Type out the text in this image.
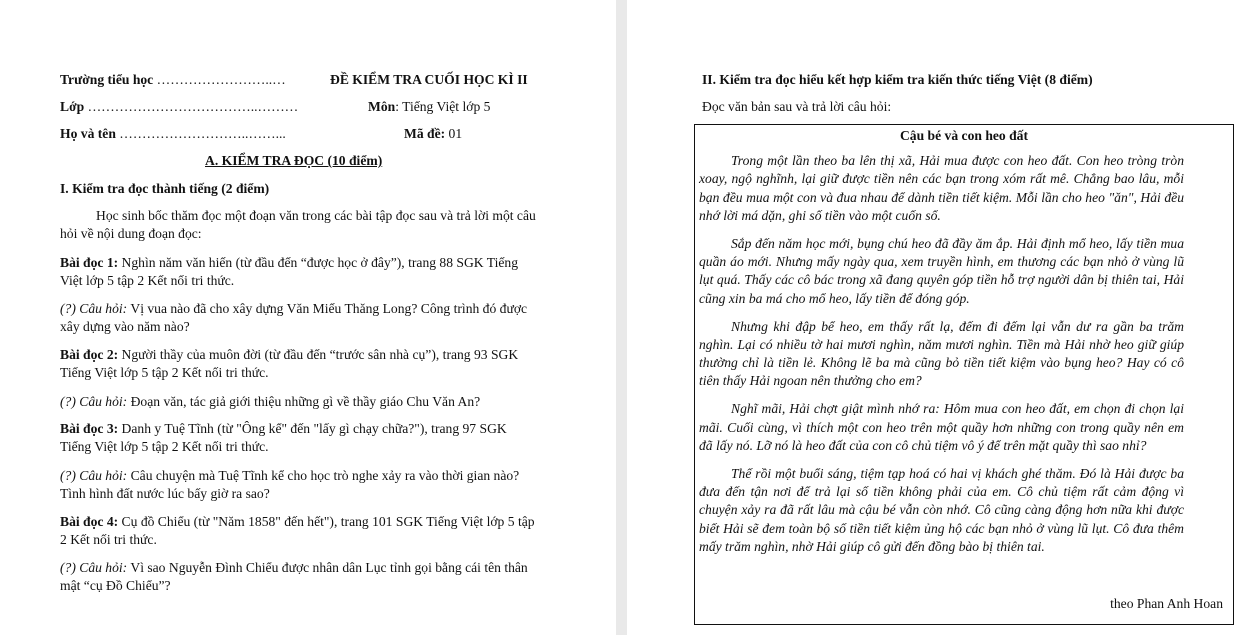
Trường tiểu học ……………………..…	ĐỀ KIỂM TRA CUỐI HỌC KÌ II
Lớp ………………………………..………	Môn: Tiếng Việt lớp 5
Họ và tên ………………………..……...	Mã đề: 01
A. KIỂM TRA ĐỌC (10 điểm)
I. Kiểm tra đọc thành tiếng (2 điểm)
Học sinh bốc thăm đọc một đoạn văn trong các bài tập đọc sau và trả lời một câu hỏi về nội dung đoạn đọc:
Bài đọc 1: Nghìn năm văn hiến (từ đầu đến “được học ở đây”), trang 88 SGK Tiếng Việt lớp 5 tập 2 Kết nối tri thức.
(?) Câu hỏi: Vị vua nào đã cho xây dựng Văn Miếu Thăng Long? Công trình đó được xây dựng vào năm nào?
Bài đọc 2: Người thầy của muôn đời (từ đầu đến “trước sân nhà cụ”), trang 93 SGK Tiếng Việt lớp 5 tập 2 Kết nối tri thức.
(?) Câu hỏi: Đoạn văn, tác giả giới thiệu những gì về thầy giáo Chu Văn An?
Bài đọc 3: Danh y Tuệ Tĩnh (từ "Ông kể" đến "lấy gì chạy chữa?"), trang 97 SGK Tiếng Việt lớp 5 tập 2 Kết nối tri thức.
(?) Câu hỏi: Câu chuyện mà Tuệ Tĩnh kể cho học trò nghe xảy ra vào thời gian nào? Tình hình đất nước lúc bấy giờ ra sao?
Bài đọc 4: Cụ đồ Chiểu (từ "Năm 1858" đến hết"), trang 101 SGK Tiếng Việt lớp 5 tập 2 Kết nối tri thức.
(?) Câu hỏi: Vì sao Nguyễn Đình Chiểu được nhân dân Lục tỉnh gọi bằng cái tên thân mật “cụ Đồ Chiểu”?
II. Kiểm tra đọc hiểu kết hợp kiểm tra kiến thức tiếng Việt (8 điểm)
Đọc văn bản sau và trả lời câu hỏi:
Cậu bé và con heo đất

Trong một lần theo ba lên thị xã, Hải mua được con heo đất. Con heo tròng tròn xoay, ngộ nghĩnh, lại giữ được tiền nên các bạn trong xóm rất mê. Chẳng bao lâu, mỗi bạn đều mua một con và đua nhau để dành tiền tiết kiệm. Mỗi lần cho heo "ăn", Hải đều nhớ lời má dặn, ghi số tiền vào một cuốn sổ.

Sắp đến năm học mới, bụng chú heo đã đầy ăm ắp. Hải định mổ heo, lấy tiền mua quần áo mới. Nhưng mấy ngày qua, xem truyền hình, em thương các bạn nhỏ ở vùng lũ lụt quá. Thấy các cô bác trong xã đang quyên góp tiền hỗ trợ người dân bị thiên tai, Hải cũng xin ba má cho mổ heo, lấy tiền để đóng góp.

Nhưng khi đập bể heo, em thấy rất lạ, đếm đi đếm lại vẫn dư ra gần ba trăm nghìn. Lại có nhiều tờ hai mươi nghìn, năm mươi nghìn. Tiền mà Hải nhờ heo giữ giúp thường chỉ là tiền lẻ. Không lẽ ba mà cũng bỏ tiền tiết kiệm vào bụng heo? Hay có cô tiên thấy Hải ngoan nên thưởng cho em?

Nghĩ mãi, Hải chợt giật mình nhớ ra: Hôm mua con heo đất, em chọn đi chọn lại mãi. Cuối cùng, vì thích một con heo trên một quầy hơn những con trong quầy nên em đã lấy nó. Lỡ nó là heo đất của con cô chủ tiệm vô ý để trên mặt quầy thì sao nhỉ?

Thế rồi một buổi sáng, tiệm tạp hoá có hai vị khách ghé thăm. Đó là Hải được ba đưa đến tận nơi để trả lại số tiền không phải của em. Cô chủ tiệm rất cảm động vì chuyện xảy ra đã rất lâu mà cậu bé vẫn còn nhớ. Cô cũng càng động hơn nữa khi được biết Hải sẽ đem toàn bộ số tiền tiết kiệm ủng hộ các bạn nhỏ ở vùng lũ lụt. Cô đưa thêm mấy trăm nghìn, nhờ Hải giúp cô gửi đến đồng bào bị thiên tai.

theo Phan Anh Hoan
